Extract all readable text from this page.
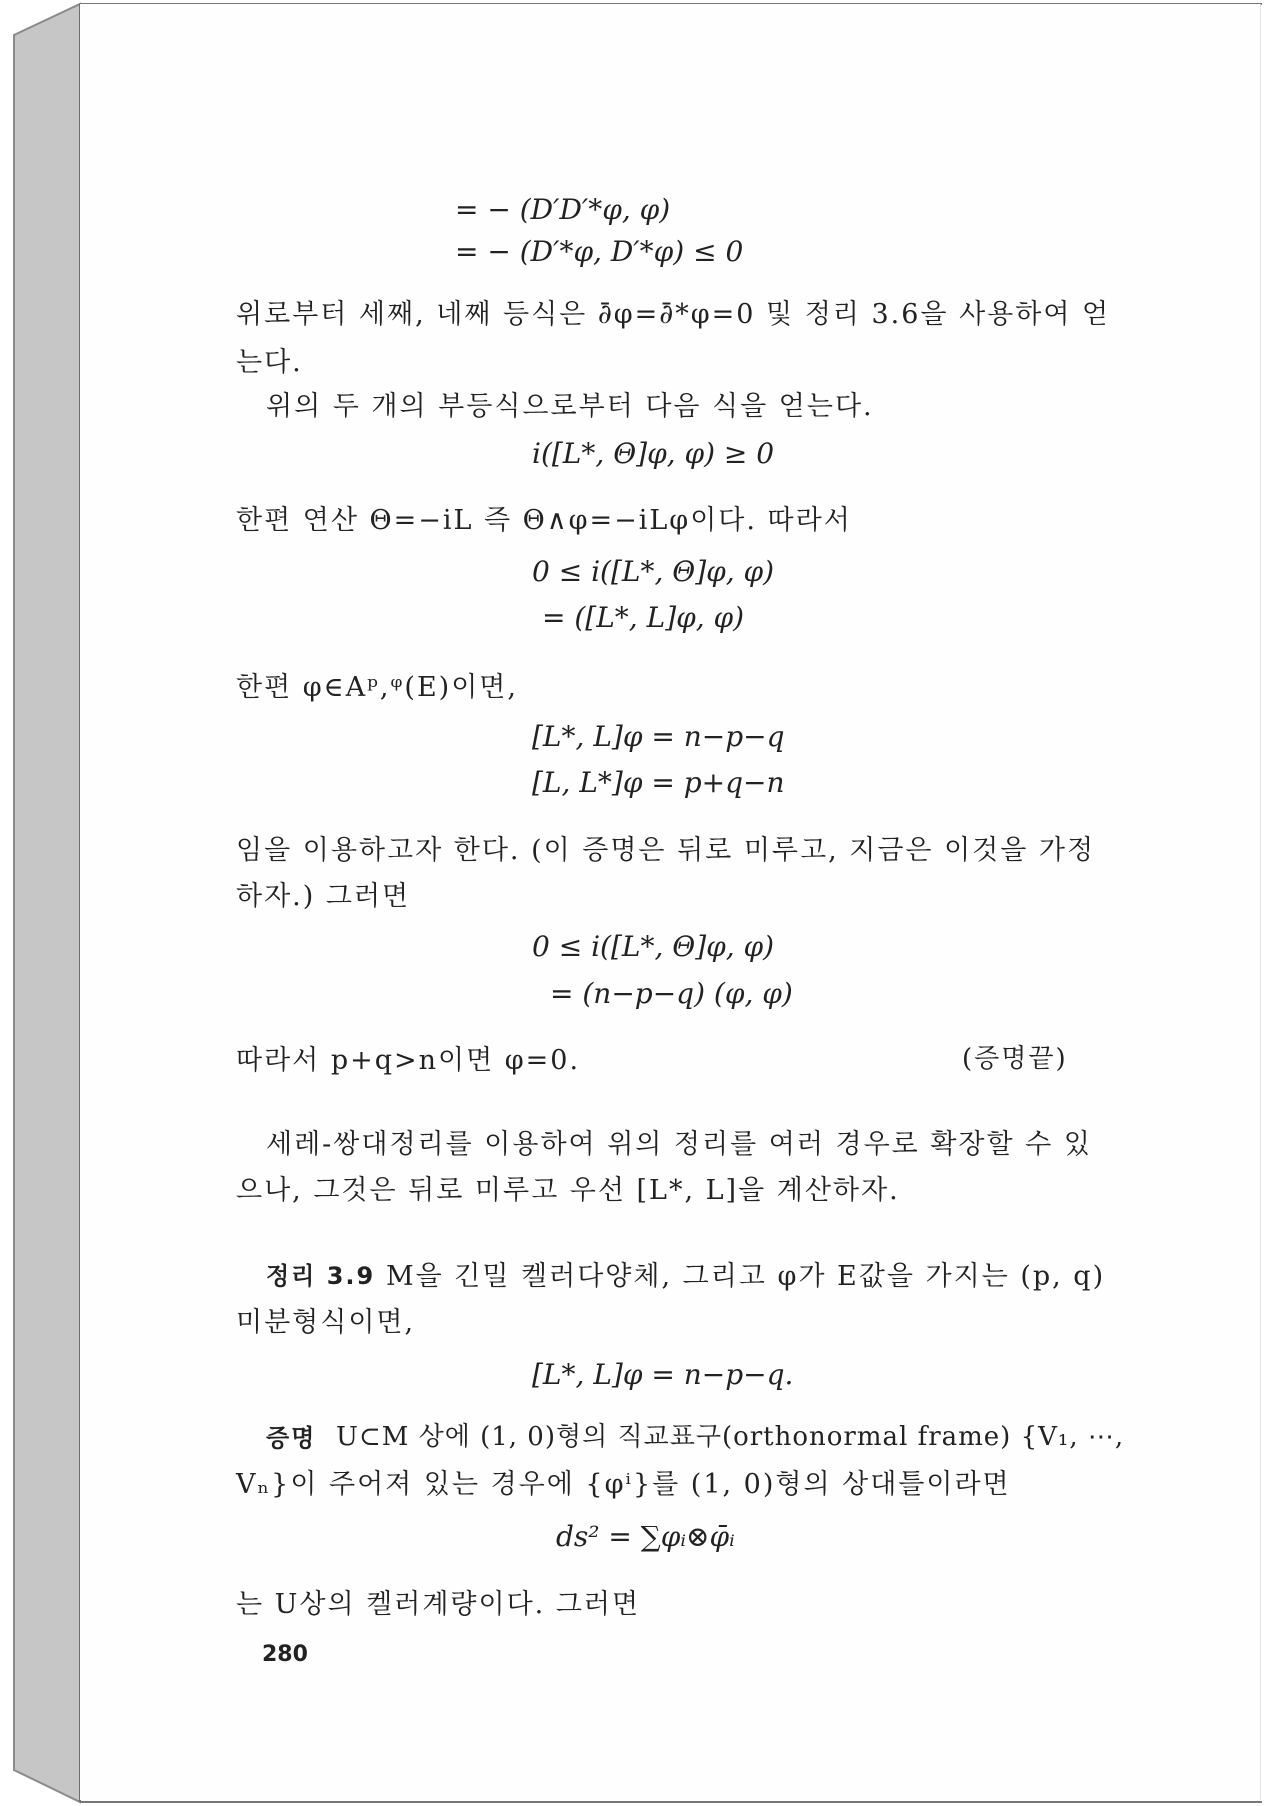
= − (D′D′*φ, φ)
= − (D′*φ, D′*φ) ≤ 0
위로부터 세째, 네째 등식은 ∂̄φ=∂̄*φ=0 및 정리 3.6을 사용하여 얻
는다.
위의 두 개의 부등식으로부터 다음 식을 얻는다.
i([L*, Θ]φ, φ) ≥ 0
한편 연산 Θ=−iL 즉 Θ∧φ=−iLφ이다. 따라서
0 ≤ i([L*, Θ]φ, φ)
= ([L*, L]φ, φ)
한편 φ∈Aᵖ,ᵠ(E)이면,
[L*, L]φ = n−p−q
[L, L*]φ = p+q−n
임을 이용하고자 한다. (이 증명은 뒤로 미루고, 지금은 이것을 가정
하자.) 그러면
0 ≤ i([L*, Θ]φ, φ)
= (n−p−q) (φ, φ)
따라서 p+q>n이면 φ=0.	(증명끝)
세레-쌍대정리를 이용하여 위의 정리를 여러 경우로 확장할 수 있
으나, 그것은 뒤로 미루고 우선 [L*, L]을 계산하자.
정리 3.9 M을 긴밀 켈러다양체, 그리고 φ가 E값을 가지는 (p, q)
미분형식이면,
[L*, L]φ = n−p−q.
증명 U⊂M 상에 (1, 0)형의 직교표구(orthonormal frame) {V₁, ⋯,
Vₙ}이 주어져 있는 경우에 {φⁱ}를 (1, 0)형의 상대틀이라면
ds² = ∑φᵢ⊗φ̄ᵢ
는 U상의 켈러계량이다. 그러면
280
